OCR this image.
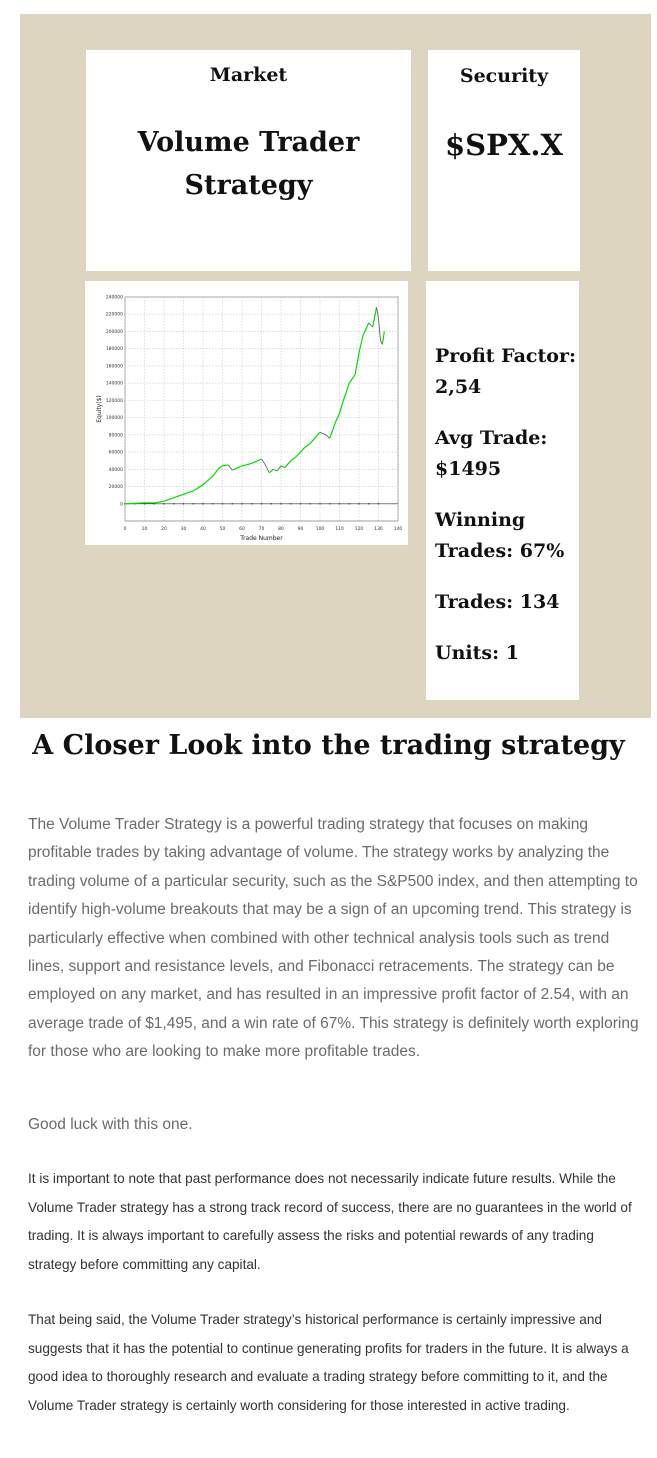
Market
Volume Trader Strategy
Security
$SPX.X
0	10	20	30	40	50	60	70	80	90	100 110 120 130 140
0
20000
40000
60000
80000
100000
120000
140000
160000
180000
200000
220000
240000
Trade Number
Equity($)
Profit Factor: 2,54
Avg Trade: $1495
Winning Trades: 67%
Trades: 134
Units: 1
A Closer Look into the trading strategy

The Volume Trader Strategy is a powerful trading strategy that focuses on making profitable trades by taking advantage of volume. The strategy works by analyzing the trading volume of a particular security, such as the S&P500 index, and then attempting to identify high-volume breakouts that may be a sign of an upcoming trend. This strategy is particularly effective when combined with other technical analysis tools such as trend lines, support and resistance levels, and Fibonacci retracements. The strategy can be employed on any market, and has resulted in an impressive profit factor of 2.54, with an average trade of $1,495, and a win rate of 67%. This strategy is definitely worth exploring for those who are looking to make more profitable trades.

Good luck with this one.

It is important to note that past performance does not necessarily indicate future results. While the Volume Trader strategy has a strong track record of success, there are no guarantees in the world of trading. It is always important to carefully assess the risks and potential rewards of any trading strategy before committing any capital.

That being said, the Volume Trader strategy’s historical performance is certainly impressive and suggests that it has the potential to continue generating profits for traders in the future. It is always a good idea to thoroughly research and evaluate a trading strategy before committing to it, and the Volume Trader strategy is certainly worth considering for those interested in active trading.
